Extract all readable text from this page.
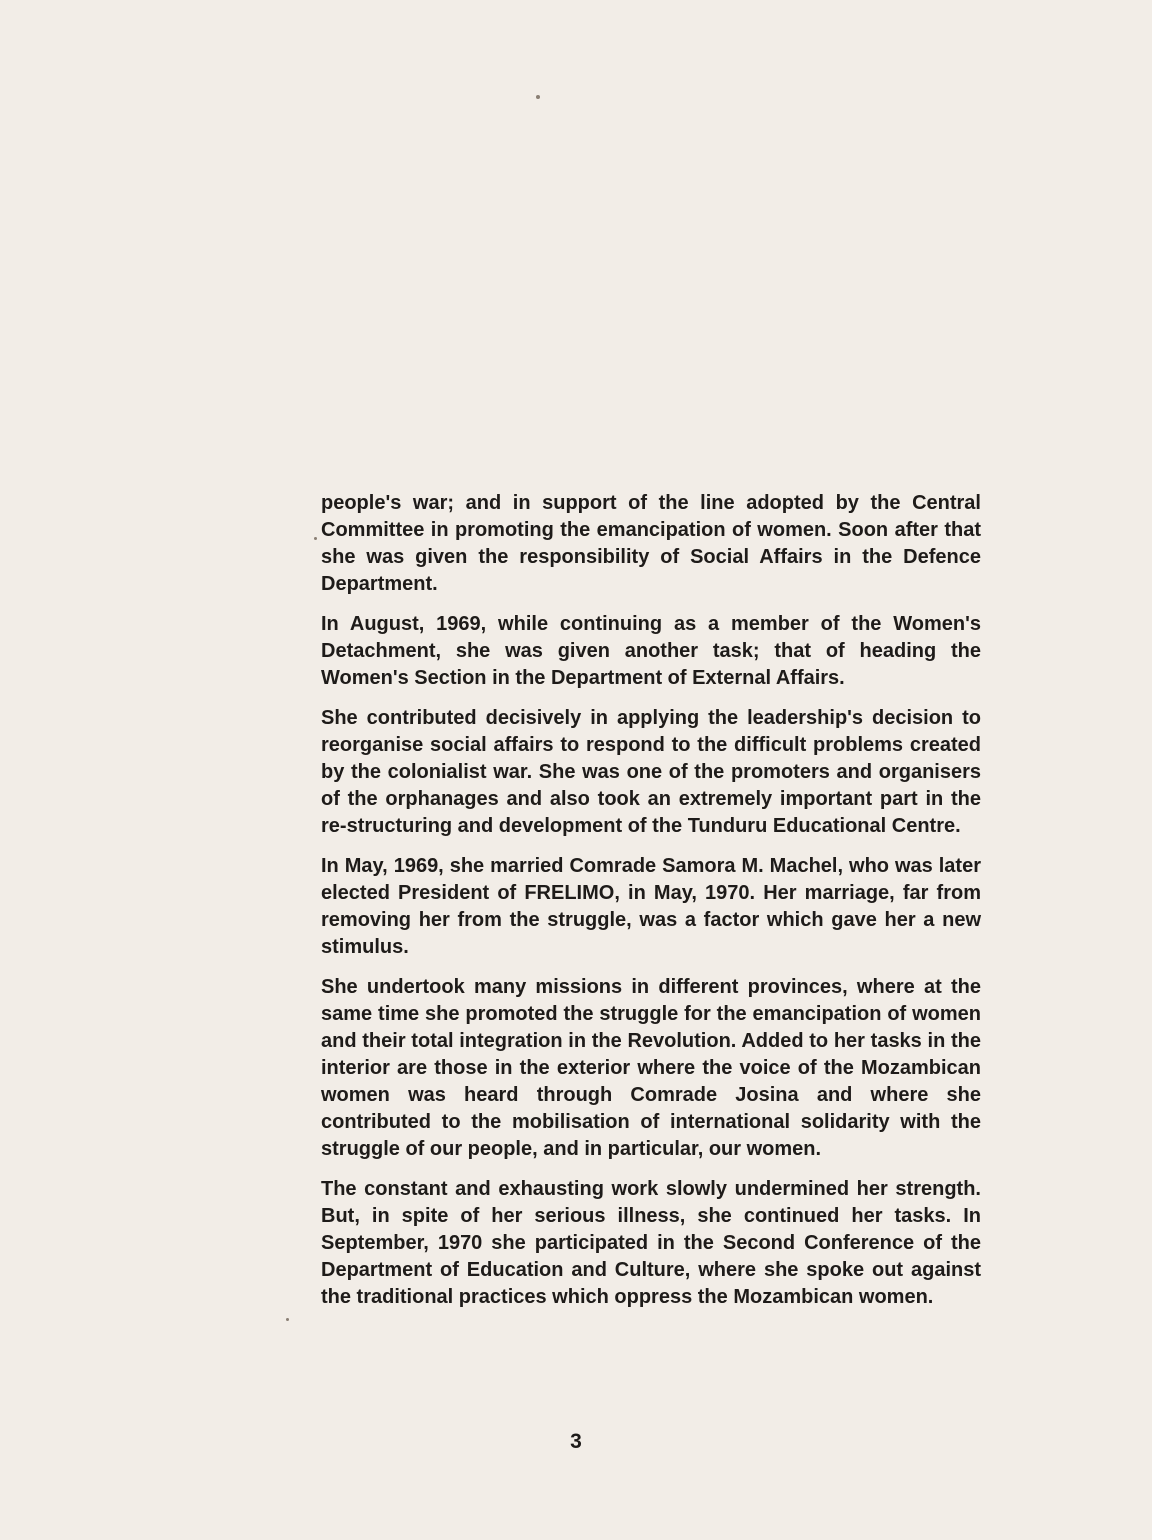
people's war; and in support of the line adopted by the Central Committee in promoting the emancipation of women. Soon after that she was given the responsibility of Social Affairs in the Defence Department.

In August, 1969, while continuing as a member of the Women's Detachment, she was given another task; that of heading the Women's Section in the Department of External Affairs.

She contributed decisively in applying the leadership's decision to reorganise social affairs to respond to the difficult problems created by the colonialist war. She was one of the promoters and organisers of the orphanages and also took an extremely important part in the re-structuring and development of the Tunduru Educational Centre.

In May, 1969, she married Comrade Samora M. Machel, who was later elected President of FRELIMO, in May, 1970. Her marriage, far from removing her from the struggle, was a factor which gave her a new stimulus.

She undertook many missions in different provinces, where at the same time she promoted the struggle for the emancipation of women and their total integration in the Revolution. Added to her tasks in the interior are those in the exterior where the voice of the Mozambican women was heard through Comrade Josina and where she contributed to the mobilisation of international solidarity with the struggle of our people, and in particular, our women.

The constant and exhausting work slowly undermined her strength. But, in spite of her serious illness, she continued her tasks. In September, 1970 she participated in the Second Conference of the Department of Education and Culture, where she spoke out against the traditional practices which oppress the Mozambican women.

3
